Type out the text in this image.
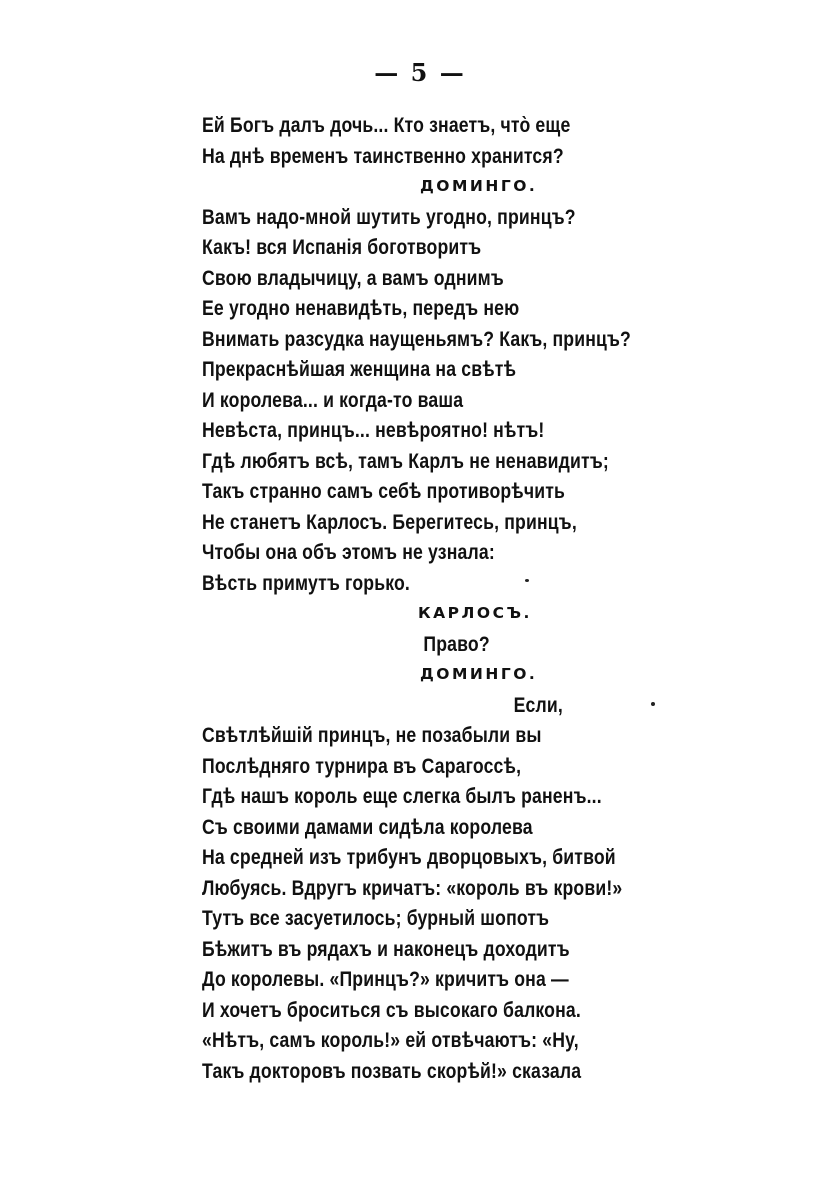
— 5 —
Ей Богъ далъ дочь... Кто знаетъ, что̀ еще
На днѣ временъ таинственно хранится?
ДОМИНГО.
Вамъ надо-мной шутить угодно, принцъ?
Какъ! вся Испанія боготворитъ
Свою владычицу, а вамъ однимъ
Ее угодно ненавидѣть, передъ нею
Внимать разсудка наущеньямъ? Какъ, принцъ?
Прекраснѣйшая женщина на свѣтѣ
И королева... и когда-то ваша
Невѣста, принцъ... невѣроятно! нѣтъ!
Гдѣ любятъ всѣ, тамъ Карлъ не ненавидитъ;
Такъ странно самъ себѣ противорѣчить
Не станетъ Карлосъ. Берегитесь, принцъ,
Чтобы она объ этомъ не узнала:
Вѣсть примутъ горько.
КАРЛОСЪ.
Право?
ДОМИНГО.
Если,
Свѣтлѣйшій принцъ, не позабыли вы
Послѣдняго турнира въ Сарагоссѣ,
Гдѣ нашъ король еще слегка былъ раненъ...
Съ своими дамами сидѣла королева
На средней изъ трибунъ дворцовыхъ, битвой
Любуясь. Вдругъ кричатъ: «король въ крови!»
Тутъ все засуетилось; бурный шопотъ
Бѣжитъ въ рядахъ и наконецъ доходитъ
До королевы. «Принцъ?» кричитъ она —
И хочетъ броситься съ высокаго балкона.
«Нѣтъ, самъ король!» ей отвѣчаютъ: «Ну,
Такъ докторовъ позвать скорѣй!» сказала
